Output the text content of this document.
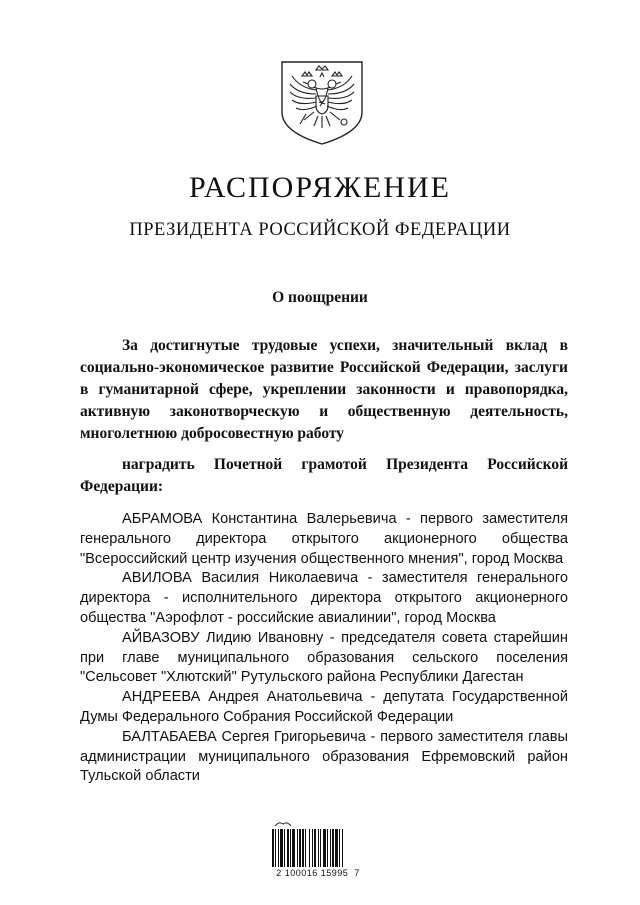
РАСПОРЯЖЕНИЕ
ПРЕЗИДЕНТА РОССИЙСКОЙ ФЕДЕРАЦИИ
О поощрении

За достигнутые трудовые успехи, значительный вклад в социально-экономическое развитие Российской Федерации, заслуги в гуманитарной сфере, укреплении законности и правопорядка, активную законотворческую и общественную деятельность, многолетнюю добросовестную работу

наградить Почетной грамотой Президента Российской Федерации:

АБРАМОВА Константина Валерьевича - первого заместителя генерального директора открытого акционерного общества "Всероссийский центр изучения общественного мнения", город Москва

АВИЛОВА Василия Николаевича - заместителя генерального директора - исполнительного директора открытого акционерного общества "Аэрофлот - российские авиалинии", город Москва

АЙВАЗОВУ Лидию Ивановну - председателя совета старейшин при главе муниципального образования сельского поселения "Сельсовет "Хлютский" Рутульского района Республики Дагестан

АНДРЕЕВА Андрея Анатольевича - депутата Государственной Думы Федерального Собрания Российской Федерации

БАЛТАБАЕВА Сергея Григорьевича - первого заместителя главы администрации муниципального образования Ефремовский район Тульской области

2 100016 15995  7
